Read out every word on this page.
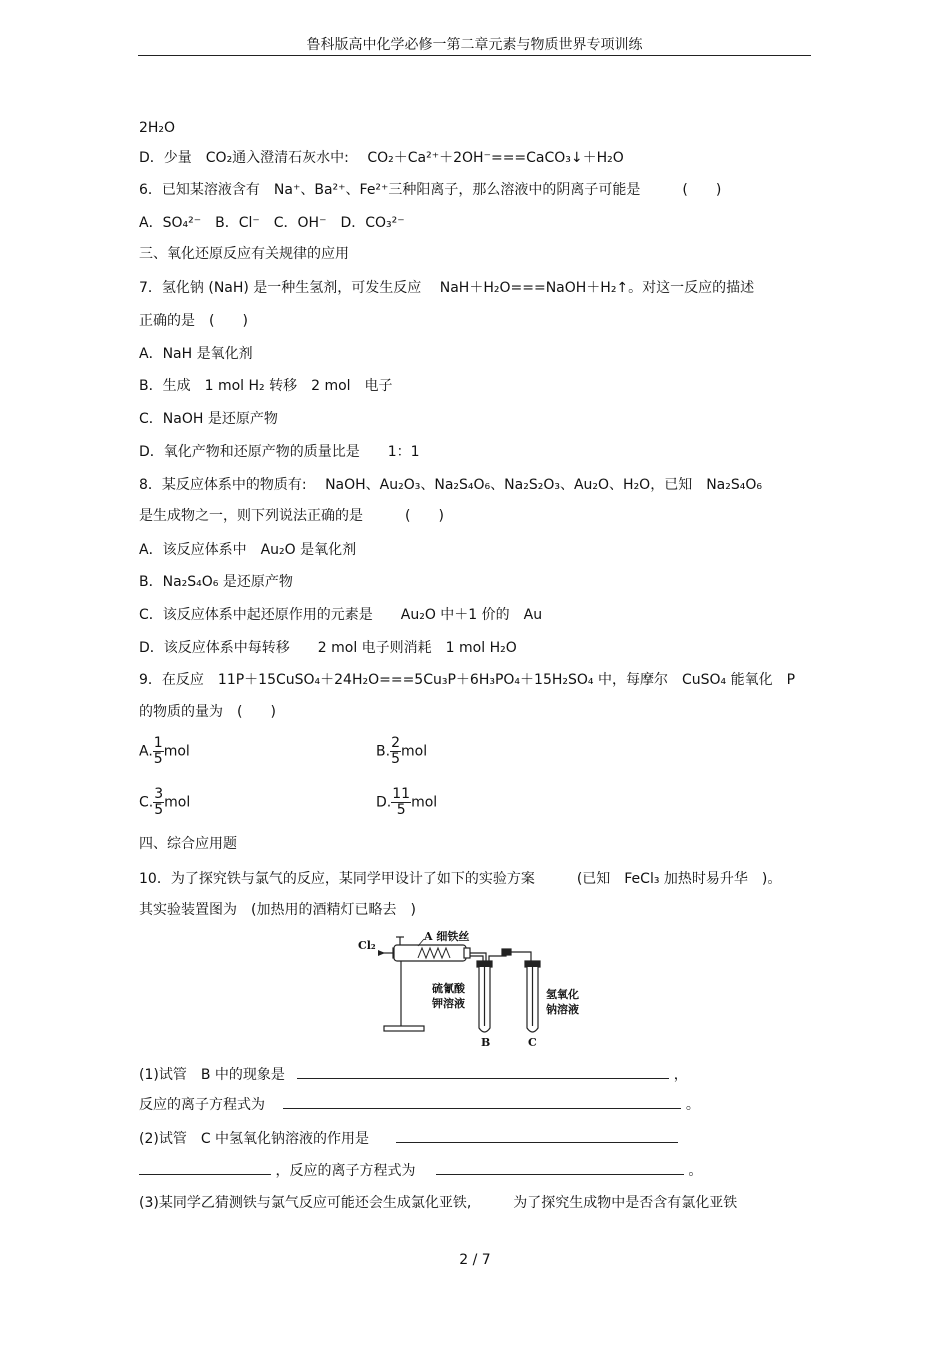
鲁科版高中化学必修一第二章元素与物质世界专项训练
2H₂O
D．少量　CO₂通入澄清石灰水中:　 CO₂＋Ca²⁺＋2OH⁻===CaCO₃↓＋H₂O
6．已知某溶液含有　Na⁺、Ba²⁺、Fe²⁺三种阳离子，那么溶液中的阴离子可能是　　　(　　)
A．SO₄²⁻　B．Cl⁻　C．OH⁻　D．CO₃²⁻
三、氧化还原反应有关规律的应用
7．氢化钠 (NaH) 是一种生氢剂，可发生反应　 NaH＋H₂O===NaOH＋H₂↑。对这一反应的描述
正确的是　(　　)
A．NaH 是氧化剂
B．生成　1 mol H₂ 转移　2 mol　电子
C．NaOH 是还原产物
D．氧化产物和还原产物的质量比是　　1：1
8．某反应体系中的物质有:　 NaOH、Au₂O₃、Na₂S₄O₆、Na₂S₂O₃、Au₂O、H₂O，已知　Na₂S₄O₆
是生成物之一，则下列说法正确的是　　　(　　)
A．该反应体系中　Au₂O 是氧化剂
B．Na₂S₄O₆ 是还原产物
C．该反应体系中起还原作用的元素是　　Au₂O 中＋1 价的　Au
D．该反应体系中每转移　　2 mol 电子则消耗　1 mol H₂O
9．在反应　11P＋15CuSO₄＋24H₂O===5Cu₃P＋6H₃PO₄＋15H₂SO₄ 中，每摩尔　CuSO₄ 能氧化　P
的物质的量为　(　　)
A. $\frac{1}{5}$ mol	B. $\frac{2}{5}$ mol
C. $\frac{3}{5}$ mol	D. $\frac{11}{5}$ mol
四、综合应用题
10．为了探究铁与氯气的反应，某同学甲设计了如下的实验方案　　　(已知　FeCl₃ 加热时易升华　)。
其实验装置图为　(加热用的酒精灯已略去　)
Cl₂
A 细铁丝
硫氰酸
钾溶液
氢氧化
钠溶液
B	C
(1)试管　B 中的现象是	，
反应的离子方程式为	。
(2)试管　C 中氢氧化钠溶液的作用是
，反应的离子方程式为	。
(3)某同学乙猜测铁与氯气反应可能还会生成氯化亚铁,　　　为了探究生成物中是否含有氯化亚铁
2 / 7
